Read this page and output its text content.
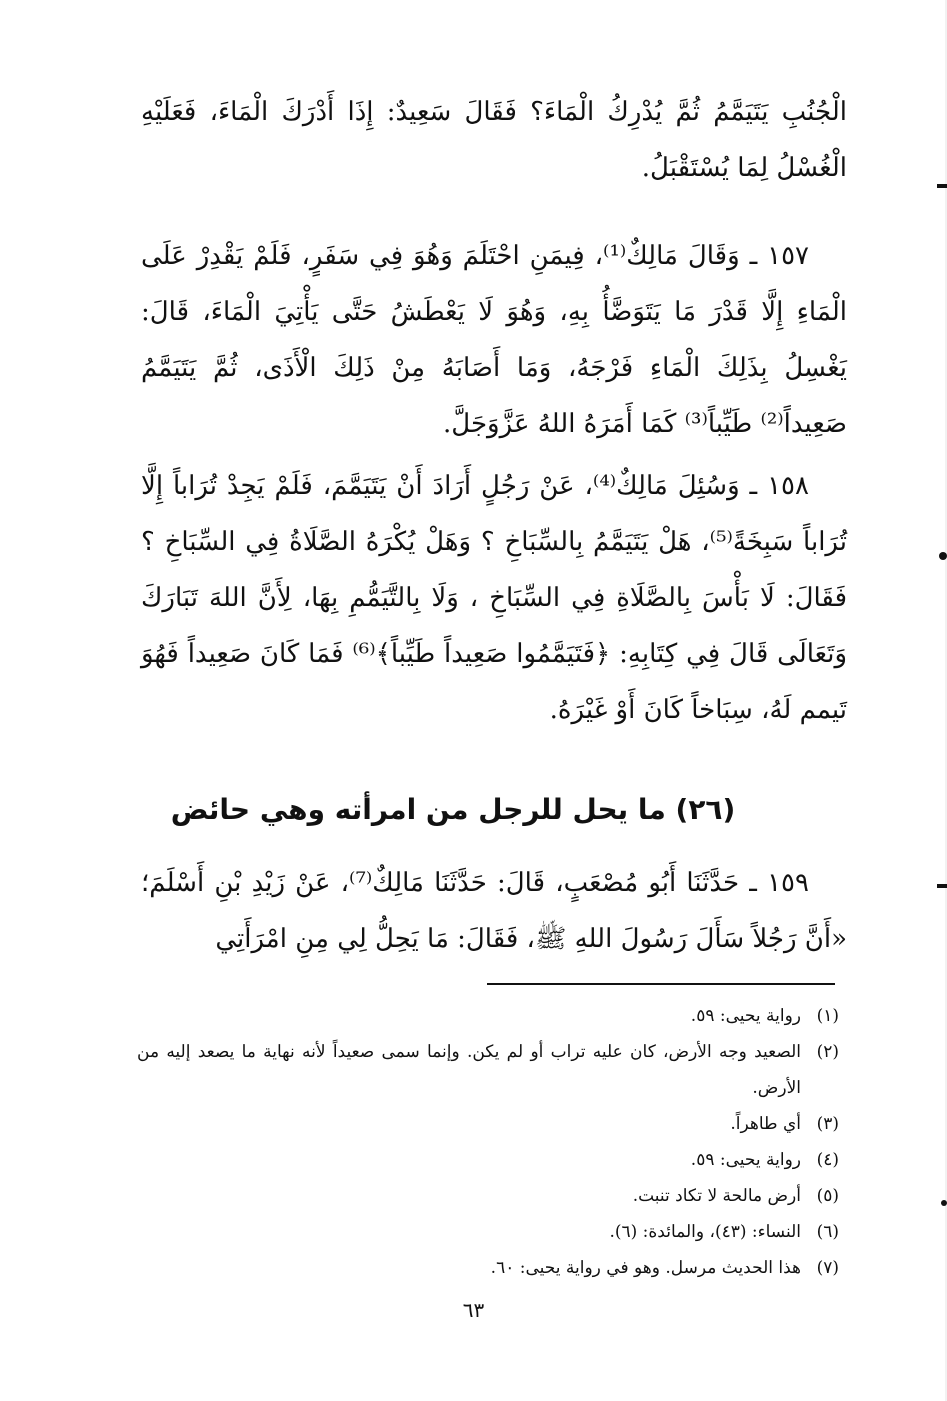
الْجُنُبِ يَتَيَمَّمُ ثُمَّ يُدْرِكُ الْمَاءَ؟ فَقَالَ سَعِيدٌ: إِذَا أَدْرَكَ الْمَاءَ، فَعَلَيْهِ الْغُسْلُ لِمَا يُسْتَقْبَلُ.

١٥٧ ـ وَقَالَ مَالِكٌ⁽¹⁾، فِيمَنِ احْتَلَمَ وَهُوَ فِي سَفَرٍ، فَلَمْ يَقْدِرْ عَلَى الْمَاءِ إِلَّا قَدْرَ مَا يَتَوَضَّأُ بِهِ، وَهُوَ لَا يَعْطَشُ حَتَّى يَأْتِيَ الْمَاءَ، قَالَ: يَغْسِلُ بِذَلِكَ الْمَاءِ فَرْجَهُ، وَمَا أَصَابَهُ مِنْ ذَلِكَ الْأَذَى، ثُمَّ يَتَيَمَّمُ صَعِيداً⁽²⁾ طَيِّباً⁽³⁾ كَمَا أَمَرَهُ اللهُ عَزَّوَجَلَّ.

١٥٨ ـ وَسُئِلَ مَالِكٌ⁽⁴⁾، عَنْ رَجُلٍ أَرَادَ أَنْ يَتَيَمَّمَ، فَلَمْ يَجِدْ تُرَاباً إِلَّا تُرَاباً سَبِخَةً⁽⁵⁾، هَلْ يَتَيَمَّمُ بِالسِّبَاخِ ؟ وَهَلْ يُكْرَهُ الصَّلَاةُ فِي السِّبَاخِ ؟ فَقَالَ: لَا بَأْسَ بِالصَّلَاةِ فِي السِّبَاخِ ، وَلَا بِالتَّيَمُّمِ بِهَا، لِأَنَّ اللهَ تَبَارَكَ وَتَعَالَى قَالَ فِي كِتَابِهِ: ﴿فَتَيَمَّمُوا صَعِيداً طَيِّباً﴾⁽⁶⁾ فَمَا كَانَ صَعِيداً فَهُوَ تَيمم لَهُ، سِبَاخاً كَانَ أَوْ غَيْرَهُ.

(٢٦) ما يحل للرجل من امرأته وهي حائض

١٥٩ ـ حَدَّثَنَا أَبُو مُصْعَبٍ، قَالَ: حَدَّثَنَا مَالِكٌ⁽⁷⁾، عَنْ زَيْدِ بْنِ أَسْلَمَ؛ «أَنَّ رَجُلاً سَأَلَ رَسُولَ اللهِ ﷺ، فَقَالَ: مَا يَحِلُّ لِي مِنِ امْرَأَتِي

(١)
رواية يحيى: ٥٩.
(٢)
الصعيد وجه الأرض، كان عليه تراب أو لم يكن. وإنما سمى صعيداً لأنه نهاية ما يصعد إليه من الأرض.
(٣)
أي طاهراً.
(٤)
رواية يحيى: ٥٩.
(٥)
أرض مالحة لا تكاد تنبت.
(٦)
النساء: (٤٣)، والمائدة: (٦).
(٧)
هذا الحديث مرسل. وهو في رواية يحيى: ٦٠.

٦٣
